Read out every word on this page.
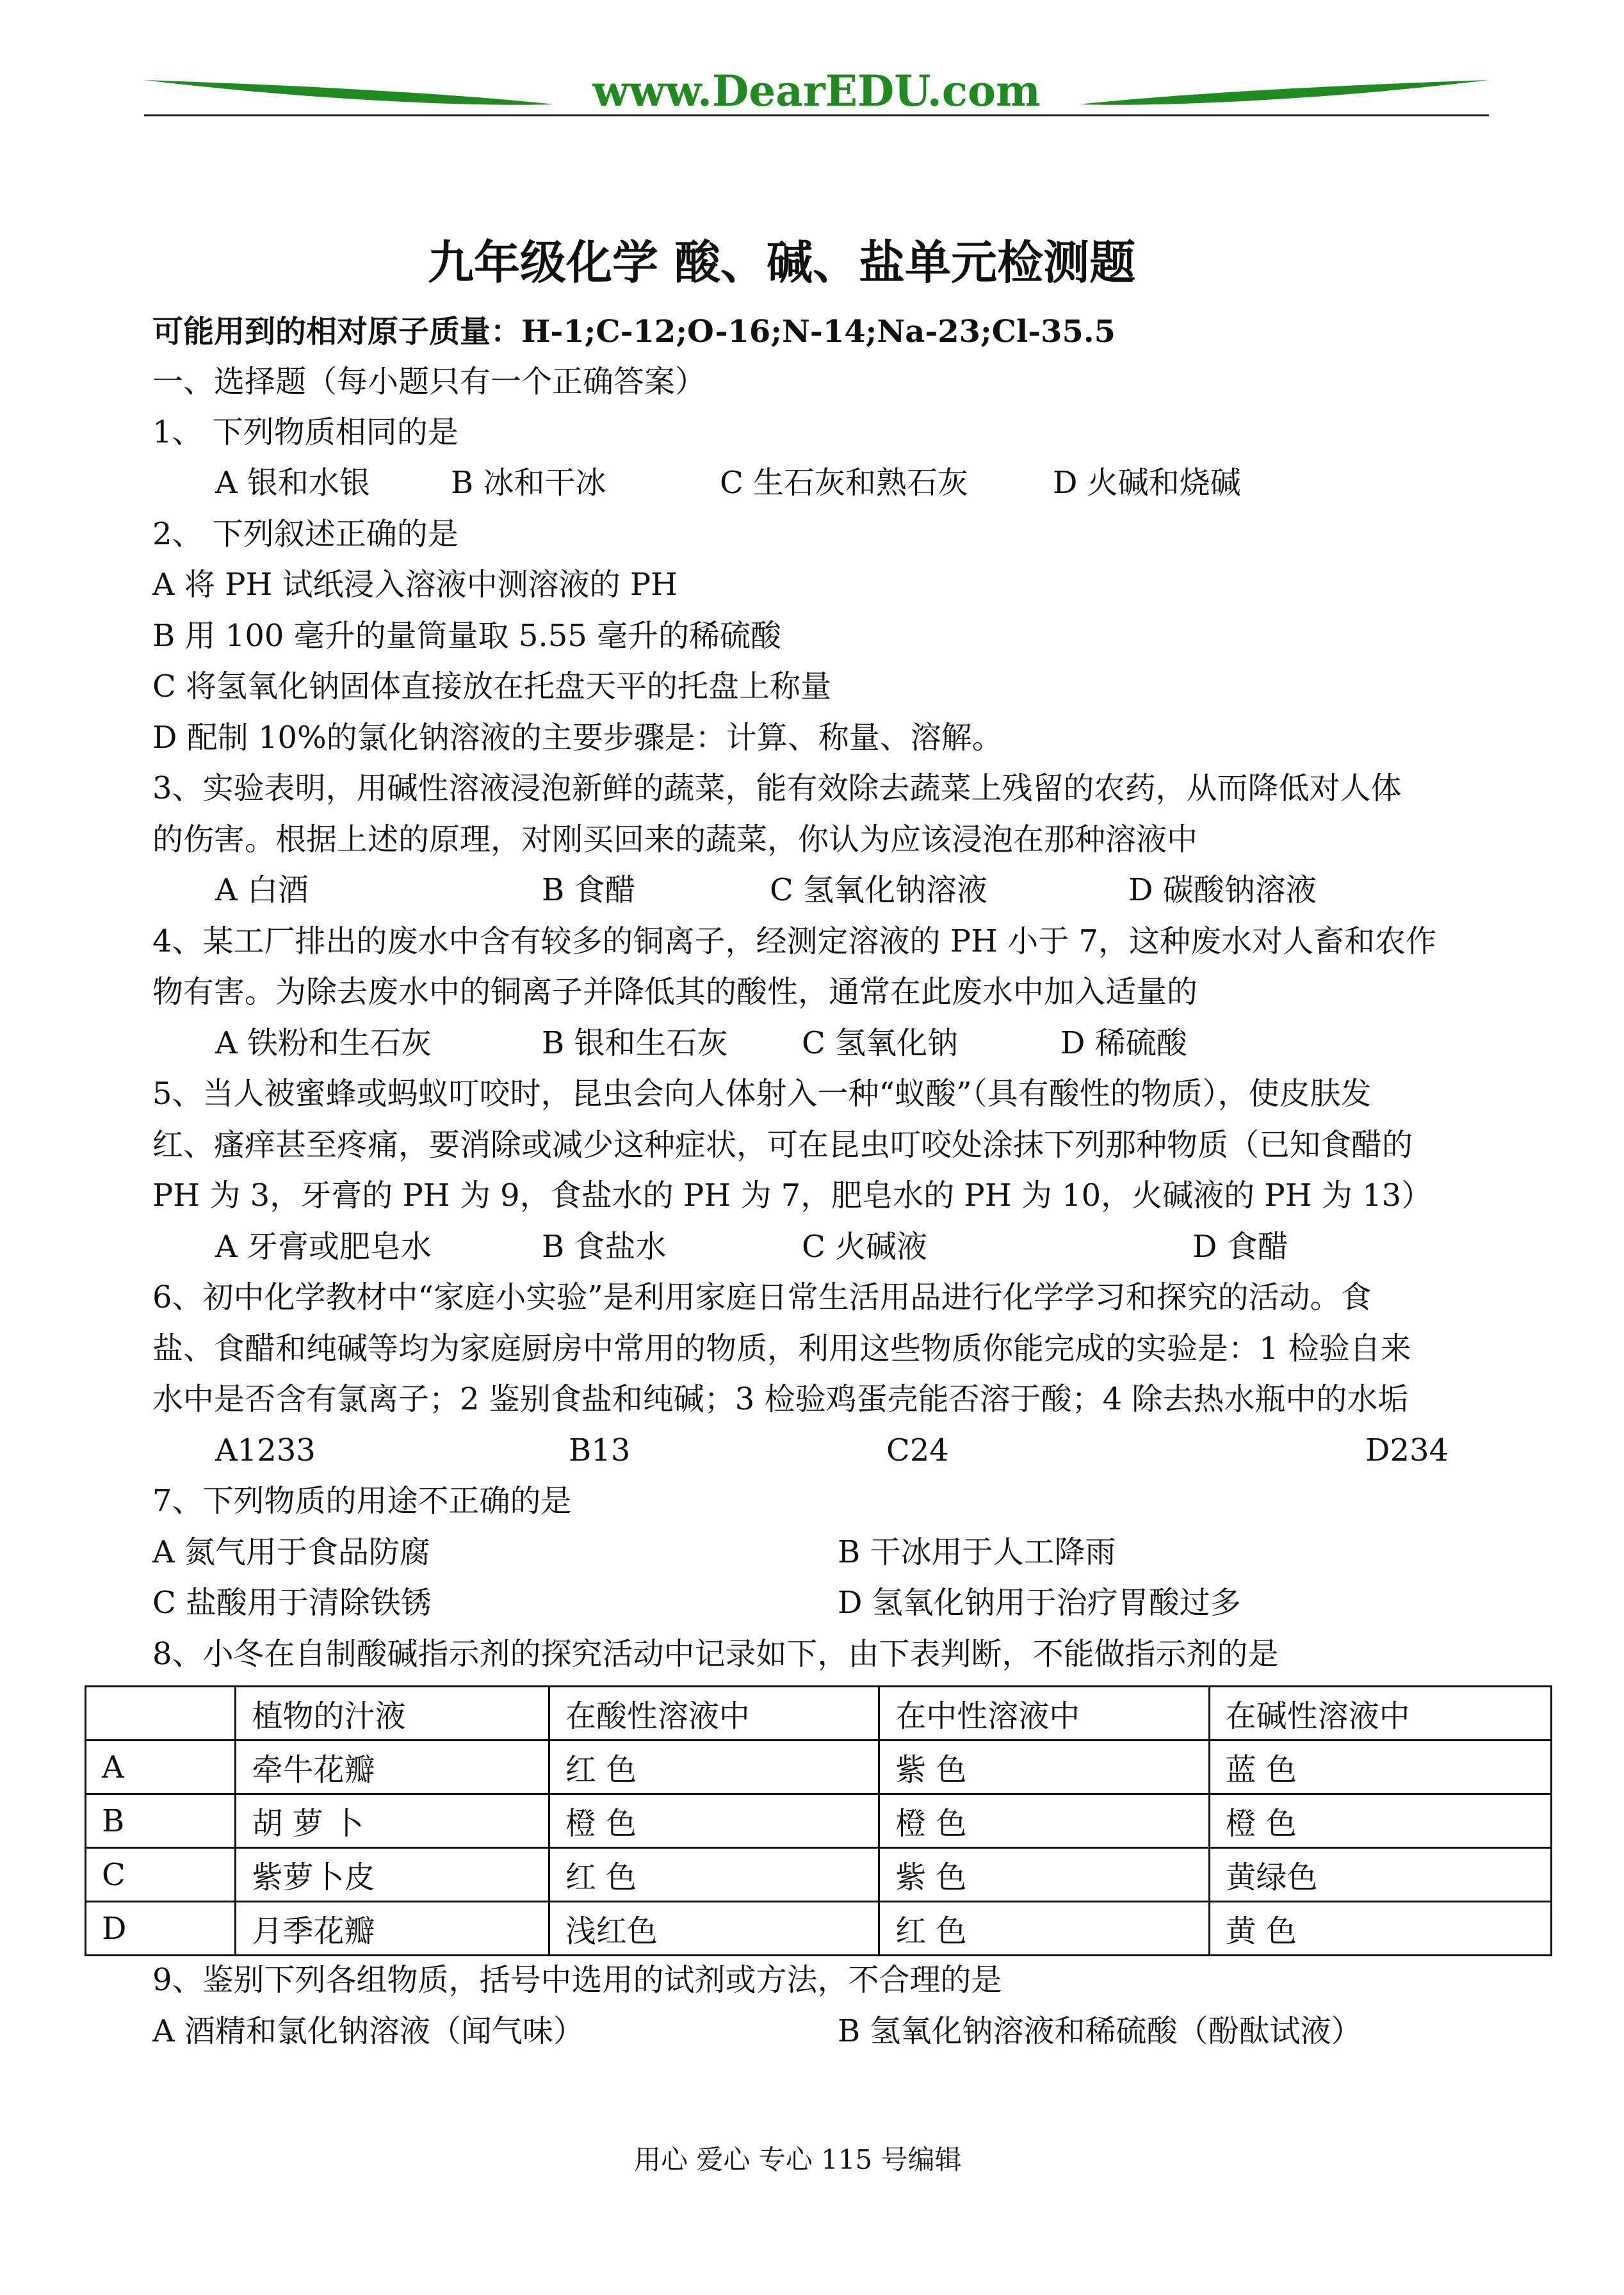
www.DearEDU.com
九年级化学 酸、碱、盐单元检测题
可能用到的相对原子质量：H-1;C-12;O-16;N-14;Na-23;Cl-35.5
一、选择题（每小题只有一个正确答案）
1、 下列物质相同的是
A 银和水银	B 冰和干冰	C 生石灰和熟石灰	D 火碱和烧碱
2、 下列叙述正确的是
A 将 PH 试纸浸入溶液中测溶液的 PH
B 用 100 毫升的量筒量取 5.55 毫升的稀硫酸
C 将氢氧化钠固体直接放在托盘天平的托盘上称量
D 配制 10%的氯化钠溶液的主要步骤是：计算、称量、溶解。
3、实验表明，用碱性溶液浸泡新鲜的蔬菜，能有效除去蔬菜上残留的农药，从而降低对人体
的伤害。根据上述的原理，对刚买回来的蔬菜，你认为应该浸泡在那种溶液中
A 白酒	B 食醋	C 氢氧化钠溶液	D 碳酸钠溶液
4、某工厂排出的废水中含有较多的铜离子，经测定溶液的 PH 小于 7，这种废水对人畜和农作
物有害。为除去废水中的铜离子并降低其的酸性，通常在此废水中加入适量的
A 铁粉和生石灰	B 银和生石灰 C 氢氧化钠	D 稀硫酸
5、当人被蜜蜂或蚂蚁叮咬时，昆虫会向人体射入一种“蚁酸”（具有酸性的物质），使皮肤发
红、瘙痒甚至疼痛，要消除或减少这种症状，可在昆虫叮咬处涂抹下列那种物质（已知食醋的
PH 为 3，牙膏的 PH 为 9，食盐水的 PH 为 7，肥皂水的 PH 为 10，火碱液的 PH 为 13）
A 牙膏或肥皂水	B 食盐水	C 火碱液	D 食醋
6、初中化学教材中“家庭小实验”是利用家庭日常生活用品进行化学学习和探究的活动。食
盐、食醋和纯碱等均为家庭厨房中常用的物质，利用这些物质你能完成的实验是：1 检验自来
水中是否含有氯离子；2 鉴别食盐和纯碱；3 检验鸡蛋壳能否溶于酸；4 除去热水瓶中的水垢
A1233	B13	C24	D234
7、下列物质的用途不正确的是
A 氮气用于食品防腐	B 干冰用于人工降雨
C 盐酸用于清除铁锈	D 氢氧化钠用于治疗胃酸过多
8、小冬在自制酸碱指示剂的探究活动中记录如下，由下表判断，不能做指示剂的是
	植物的汁液	在酸性溶液中	在中性溶液中	在碱性溶液中
A	牵牛花瓣	红 色	紫 色	蓝 色
B	胡 萝 卜	橙 色	橙 色	橙 色
C	紫萝卜皮	红 色	紫 色	黄绿色
D	月季花瓣	浅红色	红 色	黄 色
9、鉴别下列各组物质，括号中选用的试剂或方法，不合理的是
A 酒精和氯化钠溶液（闻气味）	B 氢氧化钠溶液和稀硫酸（酚酞试液）
用心 爱心 专心 115 号编辑
